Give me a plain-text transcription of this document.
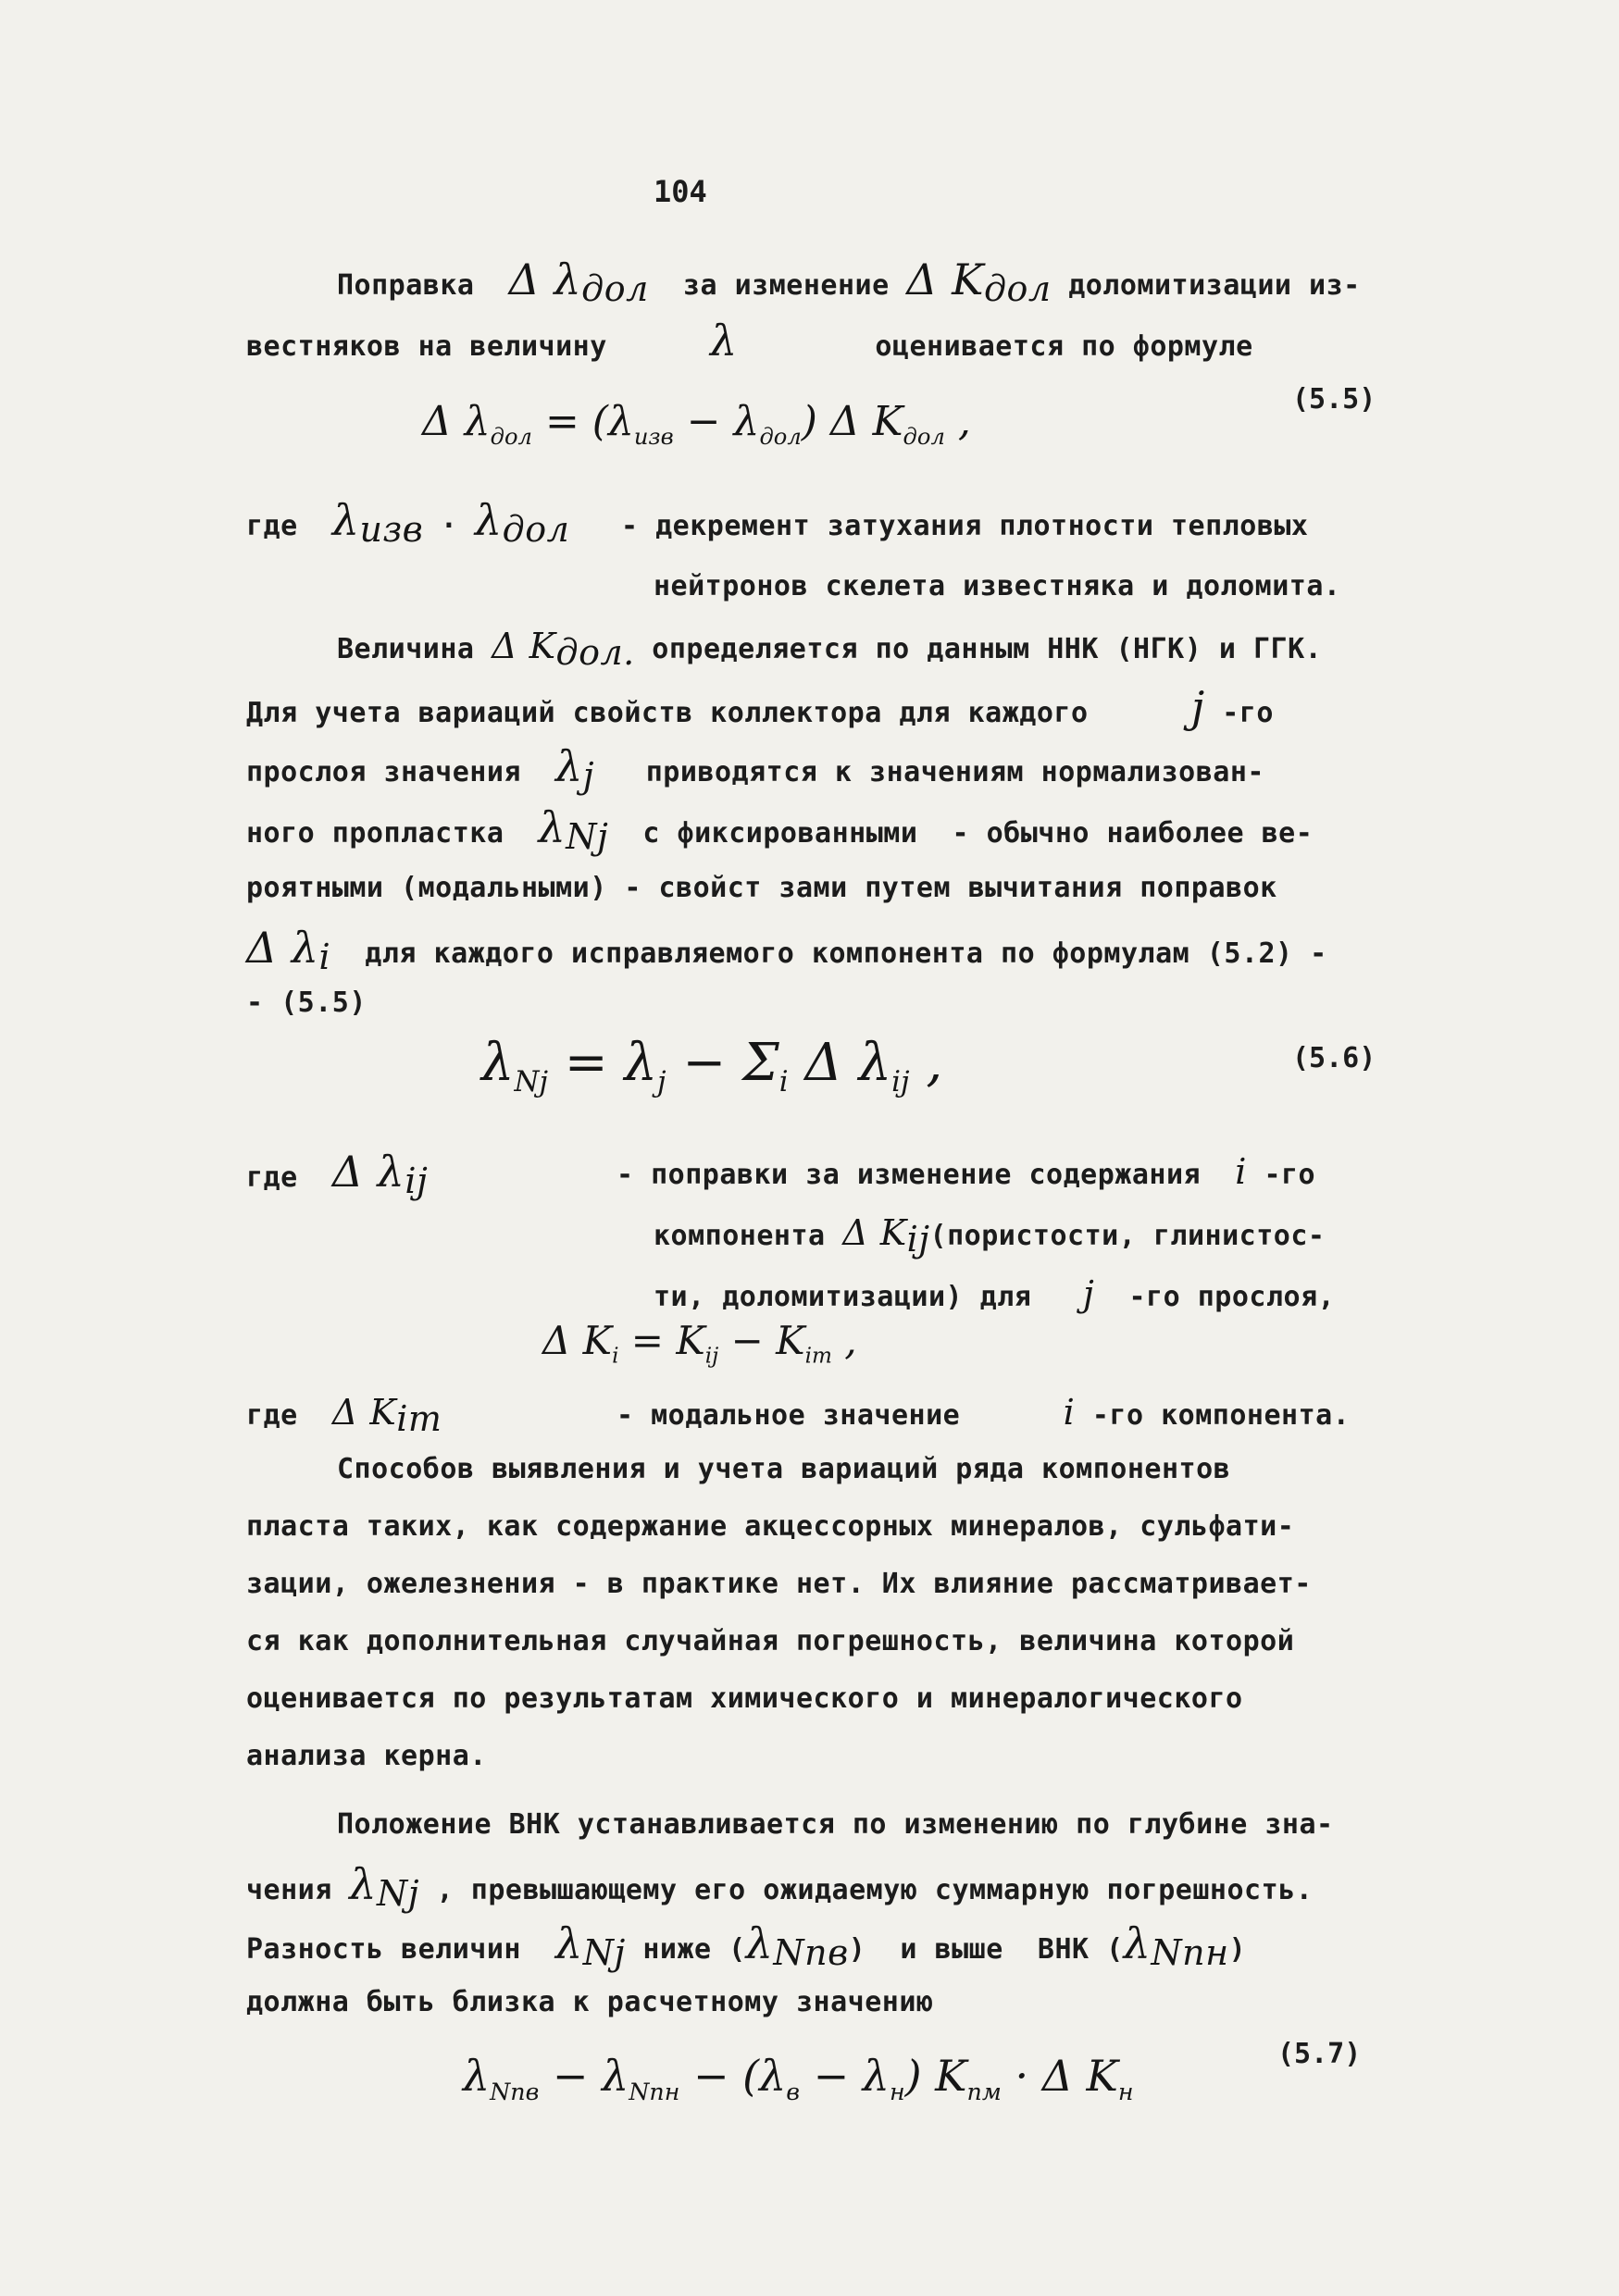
104
Поправка Δ $\lambda_{дол}$ за изменение Δ $K_{дол}$ доломитизации из-
вестняков на величину λ	оценивается по формуле
Δ $\lambda_{дол} = (\lambda_{изв} - \lambda_{дол})$ Δ $K_{дол}$ ,	(5.5)
где $\lambda_{изв} \cdot \lambda_{дол}$ - декремент затухания плотности тепловых
нейтронов скелета известняка и доломита.
Величина Δ $K_{дол.}$ определяется по данным ННК (НГК) и ГГК.
Для учета вариаций свойств коллектора для каждого j -го
прослоя значения $\lambda_j$ приводятся к значениям нормализован-
ного пропластка $\lambda_{Nj}$ с фиксированными  - обычно наиболее ве-
роятными (модальными) - свойст зами путем вычитания поправок
Δ $\lambda_i$ для каждого исправляемого компонента по формулам (5.2) -
- (5.5)
$\lambda_{Nj} = \lambda_j - \Sigma_i$ Δ $\lambda_{ij}$ ,	(5.6)
где Δ $\lambda_{ij}$	- поправки за изменение содержания i -го
компонента Δ $K_{ij}(пористости$, глинистос-
ти, доломитизации) для j -го прослоя,
Δ $K_i = K_{ij} - K_{im}$ ,
где Δ $K_{im}$	- модальное значение	i -го компонента.
Способов выявления и учета вариаций ряда компонентов
пласта таких, как содержание акцессорных минералов, сульфати-
зации, ожелезнения - в практике нет. Их влияние рассматривает-
ся как дополнительная случайная погрешность, величина которой
оценивается по результатам химического и минералогического
анализа керна.
Положение ВНК устанавливается по изменению по глубине зна-
чения $\lambda_{Nj}$ , превышающему его ожидаемую суммарную погрешность.
Разность величин $\lambda_{Nj}$ ниже $(\lambda_{Nпв})$  и выше  ВНК $(\lambda_{Nпн})$
должна быть близка к расчетному значению
$\lambda_{Nпв} - \lambda_{Nпн} - (\lambda_в - \lambda_н) K_{пм} \cdot \Delta$ $K_н$
(5.7)
